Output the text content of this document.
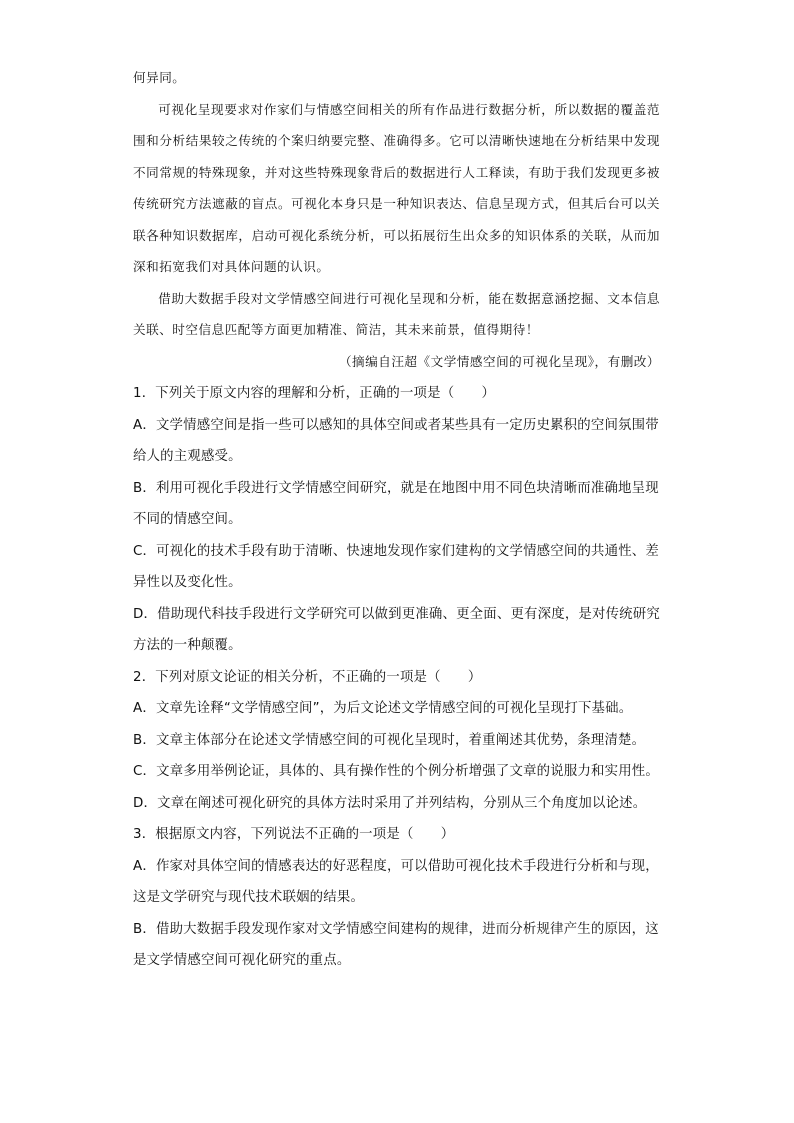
何异同。

可视化呈现要求对作家们与情感空间相关的所有作品进行数据分析，所以数据的覆盖范围和分析结果较之传统的个案归纳要完整、准确得多。它可以清晰快速地在分析结果中发现不同常规的特殊现象，并对这些特殊现象背后的数据进行人工释读，有助于我们发现更多被传统研究方法遮蔽的盲点。可视化本身只是一种知识表达、信息呈现方式，但其后台可以关联各种知识数据库，启动可视化系统分析，可以拓展衍生出众多的知识体系的关联，从而加深和拓宽我们对具体问题的认识。

借助大数据手段对文学情感空间进行可视化呈现和分析，能在数据意涵挖掘、文本信息关联、时空信息匹配等方面更加精准、简洁，其未来前景，值得期待！

（摘编自汪超《文学情感空间的可视化呈现》，有删改）

1．下列关于原文内容的理解和分析，正确的一项是（　　）

A．文学情感空间是指一些可以感知的具体空间或者某些具有一定历史累积的空间氛围带给人的主观感受。

B．利用可视化手段进行文学情感空间研究，就是在地图中用不同色块清晰而准确地呈现不同的情感空间。

C．可视化的技术手段有助于清晰、快速地发现作家们建构的文学情感空间的共通性、差异性以及变化性。

D．借助现代科技手段进行文学研究可以做到更准确、更全面、更有深度，是对传统研究方法的一种颠覆。

2．下列对原文论证的相关分析，不正确的一项是（　　）

A．文章先诠释“文学情感空间”，为后文论述文学情感空间的可视化呈现打下基础。

B．文章主体部分在论述文学情感空间的可视化呈现时，着重阐述其优势，条理清楚。

C．文章多用举例论证，具体的、具有操作性的个例分析增强了文章的说服力和实用性。

D．文章在阐述可视化研究的具体方法时采用了并列结构，分别从三个角度加以论述。

3．根据原文内容，下列说法不正确的一项是（　　）

A．作家对具体空间的情感表达的好恶程度，可以借助可视化技术手段进行分析和与现，这是文学研究与现代技术联姻的结果。

B．借助大数据手段发现作家对文学情感空间建构的规律，进而分析规律产生的原因，这是文学情感空间可视化研究的重点。
